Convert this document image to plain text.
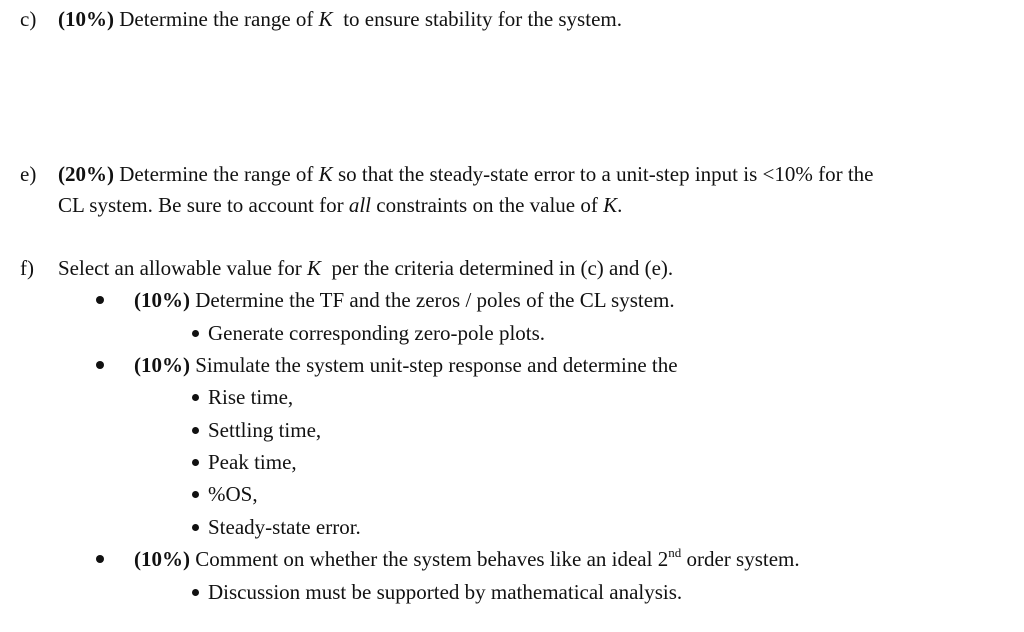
c) (10%) Determine the range of K  to ensure stability for the system.
e) (20%) Determine the range of K so that the steady-state error to a unit-step input is <10% for the
CL system. Be sure to account for all constraints on the value of K.
f) Select an allowable value for K  per the criteria determined in (c) and (e).
(10%) Determine the TF and the zeros / poles of the CL system.
Generate corresponding zero-pole plots.
(10%) Simulate the system unit-step response and determine the
Rise time,
Settling time,
Peak time,
%OS,
Steady-state error.
(10%) Comment on whether the system behaves like an ideal 2nd order system.
Discussion must be supported by mathematical analysis.
